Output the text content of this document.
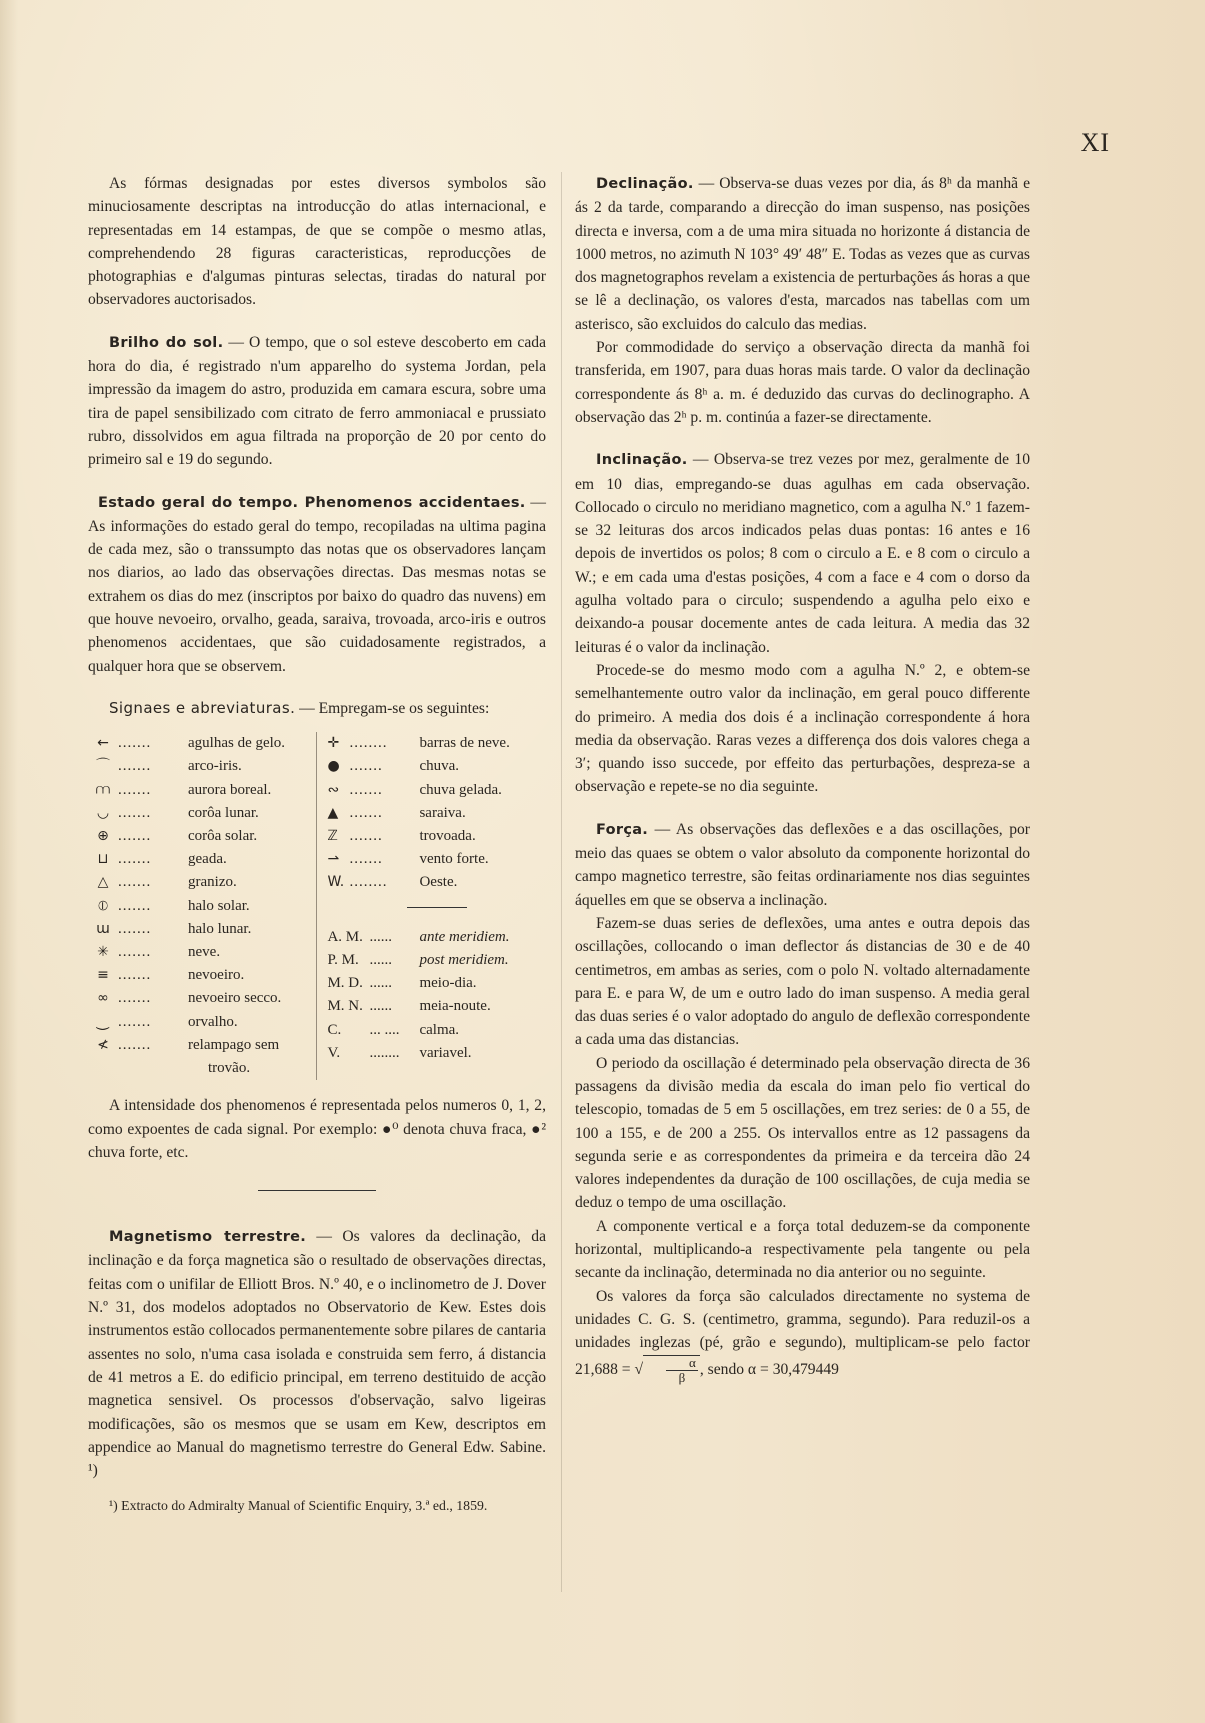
XI

As fórmas designadas por estes diversos symbolos são minuciosamente descriptas na introducção do atlas internacional, e representadas em 14 estampas, de que se compõe o mesmo atlas, comprehendendo 28 figuras caracteristicas, reproducções de photographias e d'algumas pinturas selectas, tiradas do natural por observadores auctorisados.

Brilho do sol. — O tempo, que o sol esteve descoberto em cada hora do dia, é registrado n'um apparelho do systema Jordan, pela impressão da imagem do astro, produzida em camara escura, sobre uma tira de papel sensibilizado com citrato de ferro ammoniacal e prussiato rubro, dissolvidos em agua filtrada na proporção de 20 por cento do primeiro sal e 19 do segundo.

Estado geral do tempo. Phenomenos accidentaes. — As informações do estado geral do tempo, recopiladas na ultima pagina de cada mez, são o transsumpto das notas que os observadores lançam nos diarios, ao lado das observações directas. Das mesmas notas se extrahem os dias do mez (inscriptos por baixo do quadro das nuvens) em que houve nevoeiro, orvalho, geada, saraiva, trovoada, arco-iris e outros phenomenos accidentaes, que são cuidadosamente registrados, a qualquer hora que se observem.

Signaes e abreviaturas. — Empregam-se os seguintes:

← .......	agulhas de gelo.
⌒ .......	arco-iris.
⩋ .......	aurora boreal.
◡ .......	corôa lunar.
⊕ .......	corôa solar.
⊔ .......	geada.
△ .......	granizo.
⦶ .......	halo solar.
ɯ .......	halo lunar.
✳ .......	neve.
≡ .......	nevoeiro.
∞ .......	nevoeiro secco.
⏝ .......	orvalho.
≮ .......	relampago sem
trovão.
✛ ........	barras de neve.
● .......	chuva.
∾ .......	chuva gelada.
▲ .......	saraiva.
ℤ .......	trovoada.
⇀ .......	vento forte.
W. ........	Oeste.
A. M. ......	ante meridiem.
P. M. ......	post meridiem.
M. D. ......	meio-dia.
M. N. ......	meia-noute.
C.	... ....	calma.
V.	........	variavel.

A intensidade dos phenomenos é representada pelos numeros 0, 1, 2, como expoentes de cada signal. Por exemplo: ●⁰ denota chuva fraca, ●² chuva forte, etc.

Magnetismo terrestre. — Os valores da declinação, da inclinação e da força magnetica são o resultado de observações directas, feitas com o unifilar de Elliott Bros. N.º 40, e o inclinometro de J. Dover N.º 31, dos modelos adoptados no Observatorio de Kew. Estes dois instrumentos estão collocados permanentemente sobre pilares de cantaria assentes no solo, n'uma casa isolada e construida sem ferro, á distancia de 41 metros a E. do edificio principal, em terreno destituido de acção magnetica sensivel. Os processos d'observação, salvo ligeiras modificações, são os mesmos que se usam em Kew, descriptos em appendice ao Manual do magnetismo terrestre do General Edw. Sabine. ¹)

¹) Extracto do Admiralty Manual of Scientific Enquiry, 3.ª ed., 1859.

Declinação. — Observa-se duas vezes por dia, ás 8ʰ da manhã e ás 2 da tarde, comparando a direcção do iman suspenso, nas posições directa e inversa, com a de uma mira situada no horizonte á distancia de 1000 metros, no azimuth N 103° 49′ 48″ E. Todas as vezes que as curvas dos magnetographos revelam a existencia de perturbações ás horas a que se lê a declinação, os valores d'esta, marcados nas tabellas com um asterisco, são excluidos do calculo das medias.

Por commodidade do serviço a observação directa da manhã foi transferida, em 1907, para duas horas mais tarde. O valor da declinação correspondente ás 8ʰ a. m. é deduzido das curvas do declinographo. A observação das 2ʰ p. m. continúa a fazer-se directamente.

Inclinação. — Observa-se trez vezes por mez, geralmente de 10 em 10 dias, empregando-se duas agulhas em cada observação. Collocado o circulo no meridiano magnetico, com a agulha N.º 1 fazem-se 32 leituras dos arcos indicados pelas duas pontas: 16 antes e 16 depois de invertidos os polos; 8 com o circulo a E. e 8 com o circulo a W.; e em cada uma d'estas posições, 4 com a face e 4 com o dorso da agulha voltado para o circulo; suspendendo a agulha pelo eixo e deixando-a pousar docemente antes de cada leitura. A media das 32 leituras é o valor da inclinação.

Procede-se do mesmo modo com a agulha N.º 2, e obtem-se semelhantemente outro valor da inclinação, em geral pouco differente do primeiro. A media dos dois é a inclinação correspondente á hora media da observação. Raras vezes a differença dos dois valores chega a 3′; quando isso succede, por effeito das perturbações, despreza-se a observação e repete-se no dia seguinte.

Força. — As observações das deflexões e a das oscillações, por meio das quaes se obtem o valor absoluto da componente horizontal do campo magnetico terrestre, são feitas ordinariamente nos dias seguintes áquelles em que se observa a inclinação.

Fazem-se duas series de deflexões, uma antes e outra depois das oscillações, collocando o iman deflector ás distancias de 30 e de 40 centimetros, em ambas as series, com o polo N. voltado alternadamente para E. e para W, de um e outro lado do iman suspenso. A media geral das duas series é o valor adoptado do angulo de deflexão correspondente a cada uma das distancias.

O periodo da oscillação é determinado pela observação directa de 36 passagens da divisão media da escala do iman pelo fio vertical do telescopio, tomadas de 5 em 5 oscillações, em trez series: de 0 a 55, de 100 a 155, e de 200 a 255. Os intervallos entre as 12 passagens da segunda serie e as correspondentes da primeira e da terceira dão 24 valores independentes da duração de 100 oscillações, de cuja media se deduz o tempo de uma oscillação.

A componente vertical e a força total deduzem-se da componente horizontal, multiplicando-a respectivamente pela tangente ou pela secante da inclinação, determinada no dia anterior ou no seguinte.

Os valores da força são calculados directamente no systema de unidades C. G. S. (centimetro, gramma, segundo). Para reduzil-os a unidades inglezas (pé, grão e segundo), multiplicam-se pelo factor 21,688 = √ $\frac{\alpha}{\beta}$ , sendo α = 30,479449
